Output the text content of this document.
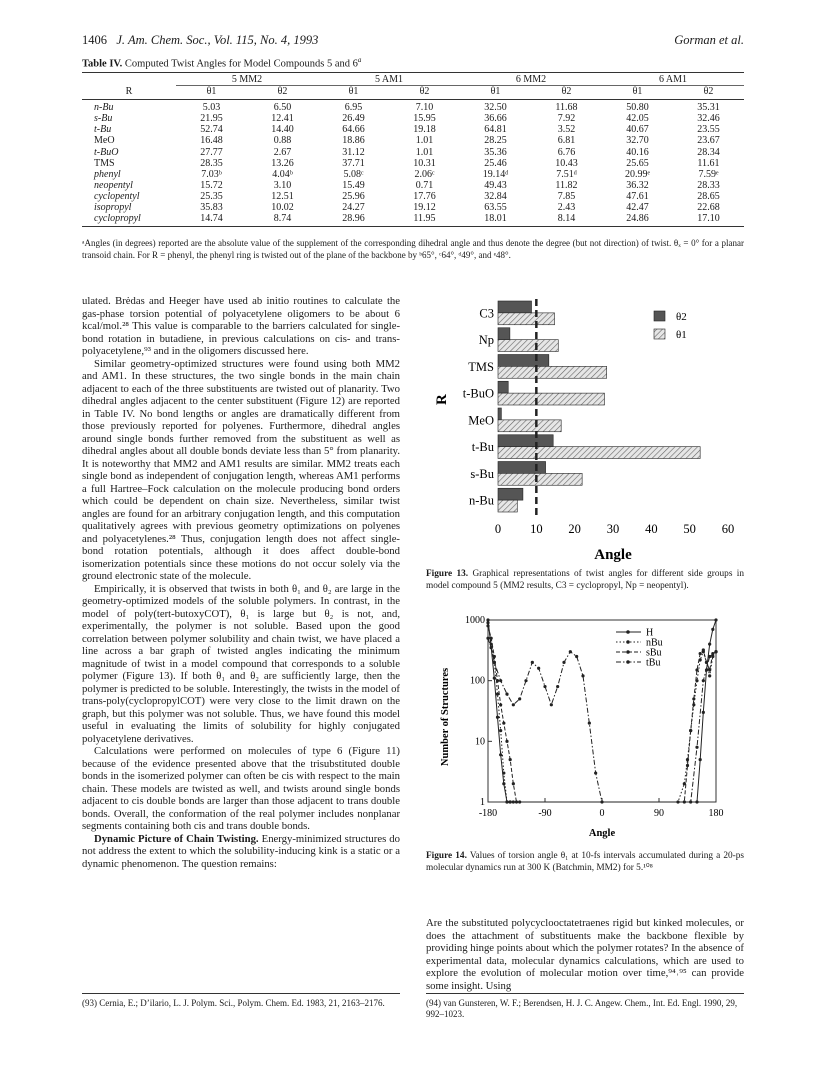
1406 J. Am. Chem. Soc., Vol. 115, No. 4, 1993	Gorman et al.
Table IV. Computed Twist Angles for Model Compounds 5 and 6$^a$
	5 MM2		5 AM1		6 MM2		6 AM1	
R	θ1	θ2	θ1	θ2	θ1	θ2	θ1	θ2
n-Bu	5.03	6.50	6.95	7.10	32.50	11.68	50.80	35.31
s-Bu	21.95	12.41	26.49	15.95	36.66	7.92	42.05	32.46
t-Bu	52.74	14.40	64.66	19.18	64.81	3.52	40.67	23.55
MeO	16.48	0.88	18.86	1.01	28.25	6.81	32.70	23.67
t-BuO	27.77	2.67	31.12	1.01	35.36	6.76	40.16	28.34
TMS	28.35	13.26	37.71	10.31	25.46	10.43	25.65	11.61
phenyl	7.03ᵇ	4.04ᵇ	5.08ᶜ	2.06ᶜ	19.14ᵈ	7.51ᵈ	20.99ᵉ	7.59ᵉ
neopentyl	15.72	3.10	15.49	0.71	49.43	11.82	36.32	28.33
cyclopentyl	25.35	12.51	25.96	17.76	32.84	7.85	47.61	28.65
isopropyl	35.83	10.02	24.27	19.12	63.55	2.43	42.47	22.68
cyclopropyl	14.74	8.74	28.96	11.95	18.01	8.14	24.86	17.10
ᵃAngles (in degrees) reported are the absolute value of the supplement of the corresponding dihedral angle and thus denote the degree (but not direction) of twist. θₓ = 0° for a planar transoid chain. For R = phenyl, the phenyl ring is twisted out of the plane of the backbone by ᵇ65°, ᶜ64°, ᵈ49°, and ᵉ48°.

ulated. Brėdas and Heeger have used ab initio routines to calculate the gas-phase torsion potential of polyacetylene oligomers to be about 6 kcal/mol.²⁸ This value is comparable to the barriers calculated for single-bond rotation in butadiene, in previous calculations on cis- and trans-polyacetylene,⁹³ and in the oligomers discussed here.

Similar geometry-optimized structures were found using both MM2 and AM1. In these structures, the two single bonds in the main chain adjacent to each of the three substituents are twisted out of planarity. Two dihedral angles adjacent to the center substituent (Figure 12) are reported in Table IV. No bond lengths or angles are dramatically different from those previously reported for polyenes. Furthermore, dihedral angles around single bonds further removed from the substituent as well as dihedral angles about all double bonds deviate less than 5° from planarity. It is noteworthy that MM2 and AM1 results are similar. MM2 treats each single bond as independent of conjugation length, whereas AM1 performs a full Hartree–Fock calculation on the molecule producing bond orders which could be dependent on chain size. Nevertheless, similar twist angles are found for an arbitrary conjugation length, and this computation qualitatively agrees with previous geometry optimizations on polyenes and polyacetylenes.²⁸ Thus, conjugation length does not affect single-bond rotation potentials, although it does affect double-bond isomerization potentials since these motions do not occur solely via the ground electronic state of the molecule.

Empirically, it is observed that twists in both θ₁ and θ₂ are large in the geometry-optimized models of the soluble polymers. In contrast, in the model of poly(tert-butoxyCOT), θ₁ is large but θ₂ is not, and, experimentally, the polymer is not soluble. Based upon the good correlation between polymer solubility and chain twist, we have placed a line across a bar graph of twisted angles indicating the minimum magnitude of twist in a model compound that corresponds to a soluble polymer (Figure 13). If both θ₁ and θ₂ are sufficiently large, then the polymer is predicted to be soluble. Interestingly, the twists in the model of trans-poly(cyclopropylCOT) were very close to the limit drawn on the graph, but this polymer was not soluble. Thus, we have found this model useful in evaluating the limits of solubility for highly conjugated polyacetylene derivatives.

Calculations were performed on molecules of type 6 (Figure 11) because of the evidence presented above that the trisubstituted double bonds in the isomerized polymer can often be cis with respect to the main chain. These models are twisted as well, and twists around single bonds adjacent to cis double bonds are larger than those adjacent to trans double bonds. Overall, the conformation of the real polymer includes nonplanar segments containing both cis and trans double bonds.

Dynamic Picture of Chain Twisting. Energy-minimized structures do not address the extent to which the solubility-inducing kink is a static or a dynamic phenomenon. The question remains:

0 10 20 30 40 50 60
C3
Np
TMS
t-BuO
MeO
t-Bu
s-Bu
n-Bu
R
Angle
θ2
θ1
Figure 13. Graphical representations of twist angles for different side groups in model compound 5 (MM2 results, C3 = cyclopropyl, Np = neopentyl).
-180	-90	0	90	180
1
10
100
1000
Number of Structures
Angle
H
nBu
sBu
tBu
Figure 14. Values of torsion angle θ₁ at 10-fs intervals accumulated during a 20-ps molecular dynamics run at 300 K (Batchmin, MM2) for 5.¹⁰⁸

Are the substituted polycyclooctatetraenes rigid but kinked molecules, or does the attachment of substituents make the backbone flexible by providing hinge points about which the polymer rotates? In the absence of experimental data, molecular dynamics calculations, which are used to explore the evolution of molecular motion over time,⁹⁴˒⁹⁵ can provide some insight. Using

(93) Cernia, E.; D’ilario, L. J. Polym. Sci., Polym. Chem. Ed. 1983, 21, 2163–2176.	(94) van Gunsteren, W. F.; Berendsen, H. J. C. Angew. Chem., Int. Ed. Engl. 1990, 29, 992–1023.
